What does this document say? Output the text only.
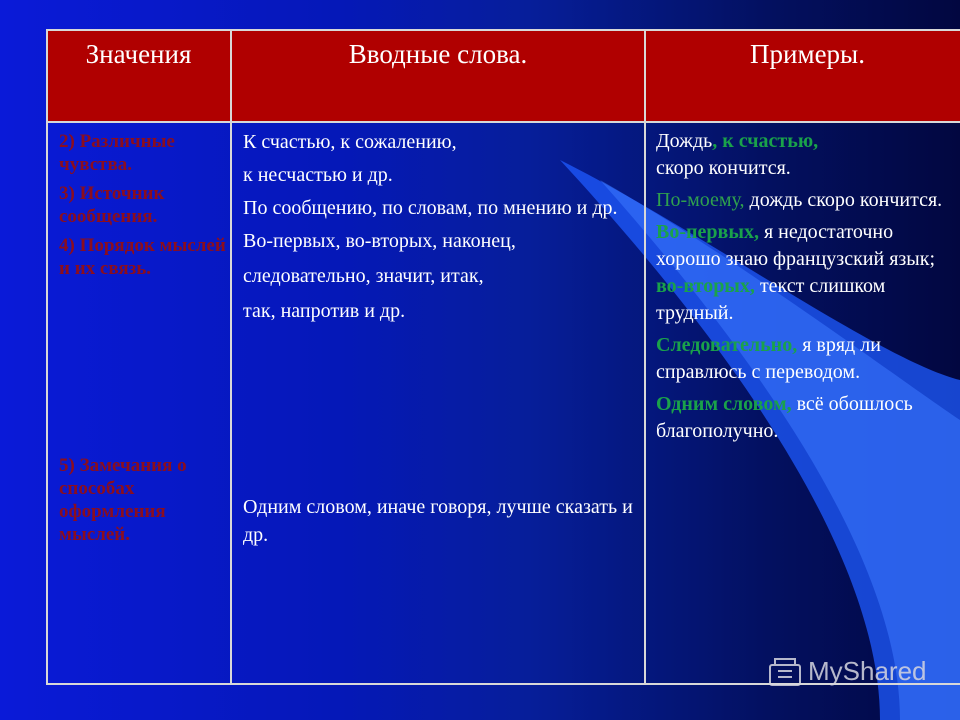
Значения	Вводные слова.	Примеры.

2) Различные чувства.

3) Источник сообщения.

4) Порядок мыслей и их связь.

5) Замечания о способах оформления мыслей.

К счастью, к сожалению,

к несчастью и др.

По сообщению, по словам, по мнению и др.

Во-первых, во-вторых, наконец,

следовательно, значит, итак,

так, напротив и др.

Одним словом, иначе говоря, лучше сказать и др.

Дождь, к счастью,
скоро кончится.

По-моему, дождь скоро кончится.

Во-первых, я недостаточно хорошо знаю французский язык; во-вторых, текст слишком трудный.

Следовательно, я вряд ли справлюсь с переводом.

Одним словом, всё обошлось благополучно.

MyShared
